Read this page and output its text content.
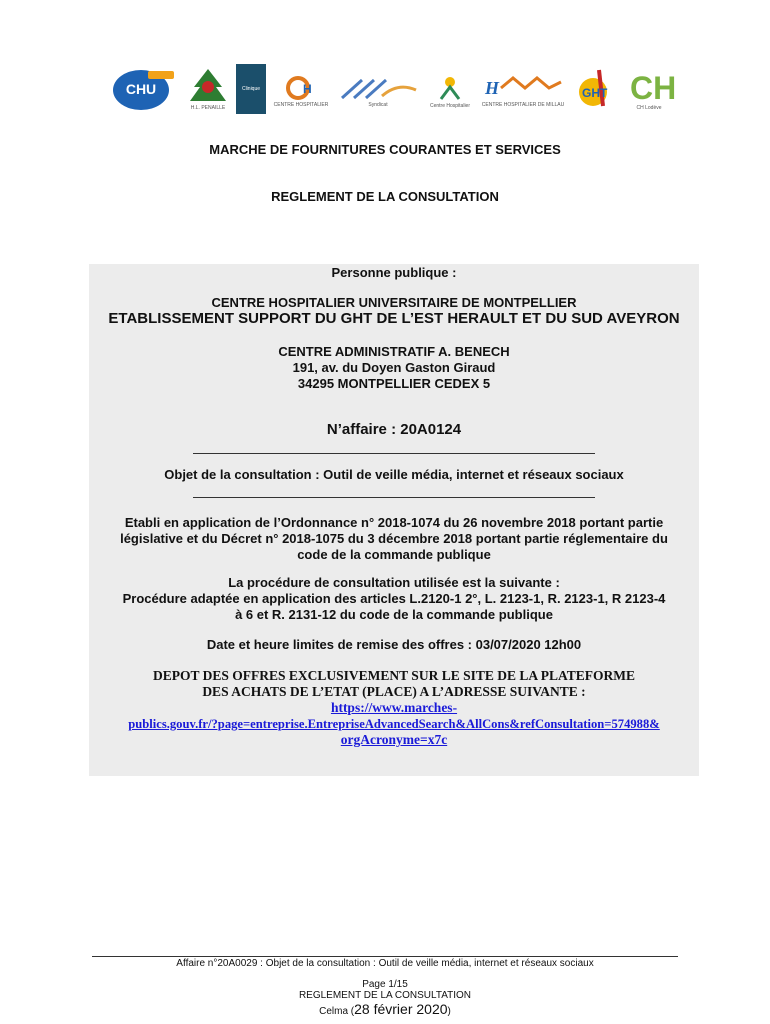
CHU
H.L. PENAILLE
Clinique	H
CENTRE HOSPITALIER	Syndicat	Centre Hospitalier
H
CENTRE HOSPITALIER DE MILLAU
GHT CH
CH Lodève
MARCHE DE FOURNITURES COURANTES ET SERVICES
REGLEMENT DE LA CONSULTATION
Personne publique :
CENTRE HOSPITALIER UNIVERSITAIRE DE MONTPELLIER
ETABLISSEMENT SUPPORT DU GHT DE L’EST HERAULT ET DU SUD AVEYRON
CENTRE ADMINISTRATIF A. BENECH
191, av. du Doyen Gaston Giraud
34295 MONTPELLIER CEDEX 5
N’affaire : 20A0124
Objet de la consultation : Outil de veille média, internet et réseaux sociaux
Etabli en application de l’Ordonnance n° 2018-1074 du 26 novembre 2018 portant partie
législative et du Décret n° 2018-1075 du 3 décembre 2018 portant partie réglementaire du
code de la commande publique
La procédure de consultation utilisée est la suivante :
Procédure adaptée en application des articles L.2120-1 2°, L. 2123-1, R. 2123-1, R 2123-4
à 6 et R. 2131-12 du code de la commande publique
Date et heure limites de remise des offres : 03/07/2020 12h00
DEPOT DES OFFRES EXCLUSIVEMENT SUR LE SITE DE LA PLATEFORME
DES ACHATS DE L’ETAT (PLACE) A L’ADRESSE SUIVANTE :
https://www.marches-
publics.gouv.fr/?page=entreprise.EntrepriseAdvancedSearch&AllCons&refConsultation=574988&
orgAcronyme=x7c
Affaire n°20A0029 : Objet de la consultation : Outil de veille média, internet et réseaux sociaux
Page 1/15
REGLEMENT DE LA CONSULTATION
Celma (28 février 2020)
